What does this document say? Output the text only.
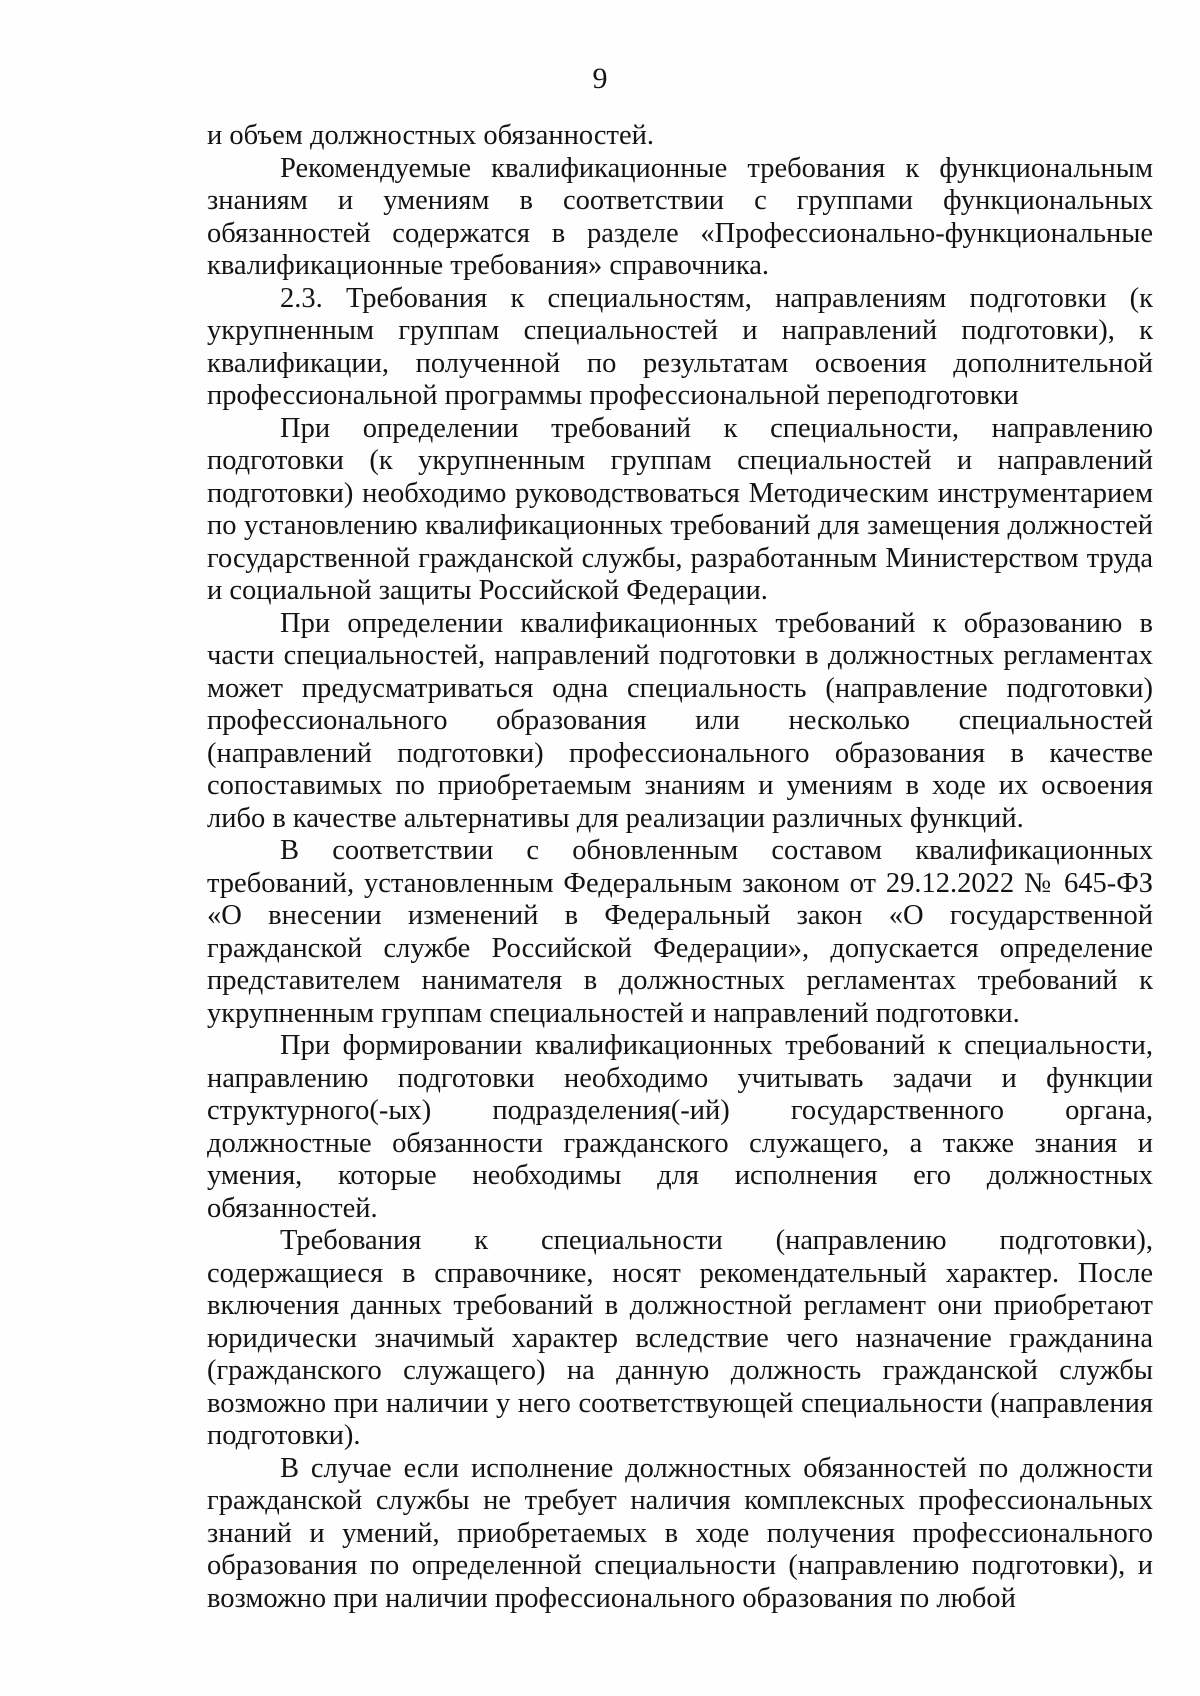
9

и объем должностных обязанностей.

Рекомендуемые квалификационные требования к функциональным знаниям и умениям в соответствии с группами функциональных обязанностей содержатся в разделе «Профессионально-функциональные квалификационные требования» справочника.

2.3. Требования к специальностям, направлениям подготовки (к укрупненным группам специальностей и направлений подготовки), к квалификации, полученной по результатам освоения дополнительной профессиональной программы профессиональной переподготовки

При определении требований к специальности, направлению подготовки (к укрупненным группам специальностей и направлений подготовки) необходимо руководствоваться Методическим инструментарием по установлению квалификационных требований для замещения должностей государственной гражданской службы, разработанным Министерством труда и социальной защиты Российской Федерации.

При определении квалификационных требований к образованию в части специальностей, направлений подготовки в должностных регламентах может предусматриваться одна специальность (направление подготовки) профессионального образования или несколько специальностей (направлений подготовки) профессионального образования в качестве сопоставимых по приобретаемым знаниям и умениям в ходе их освоения либо в качестве альтернативы для реализации различных функций.

В соответствии с обновленным составом квалификационных требований, установленным Федеральным законом от 29.12.2022 № 645-ФЗ «О внесении изменений в Федеральный закон «О государственной гражданской службе Российской Федерации», допускается определение представителем нанимателя в должностных регламентах требований к укрупненным группам специальностей и направлений подготовки.

При формировании квалификационных требований к специальности, направлению подготовки необходимо учитывать задачи и функции структурного(-ых) подразделения(-ий) государственного органа, должностные обязанности гражданского служащего, а также знания и умения, которые необходимы для исполнения его должностных обязанностей.

Требования к специальности (направлению подготовки), содержащиеся в справочнике, носят рекомендательный характер. После включения данных требований в должностной регламент они приобретают юридически значимый характер вследствие чего назначение гражданина (гражданского служащего) на данную должность гражданской службы возможно при наличии у него соответствующей специальности (направления подготовки).

В случае если исполнение должностных обязанностей по должности гражданской службы не требует наличия комплексных профессиональных знаний и умений, приобретаемых в ходе получения профессионального образования по определенной специальности (направлению подготовки), и возможно при наличии профессионального образования по любой
